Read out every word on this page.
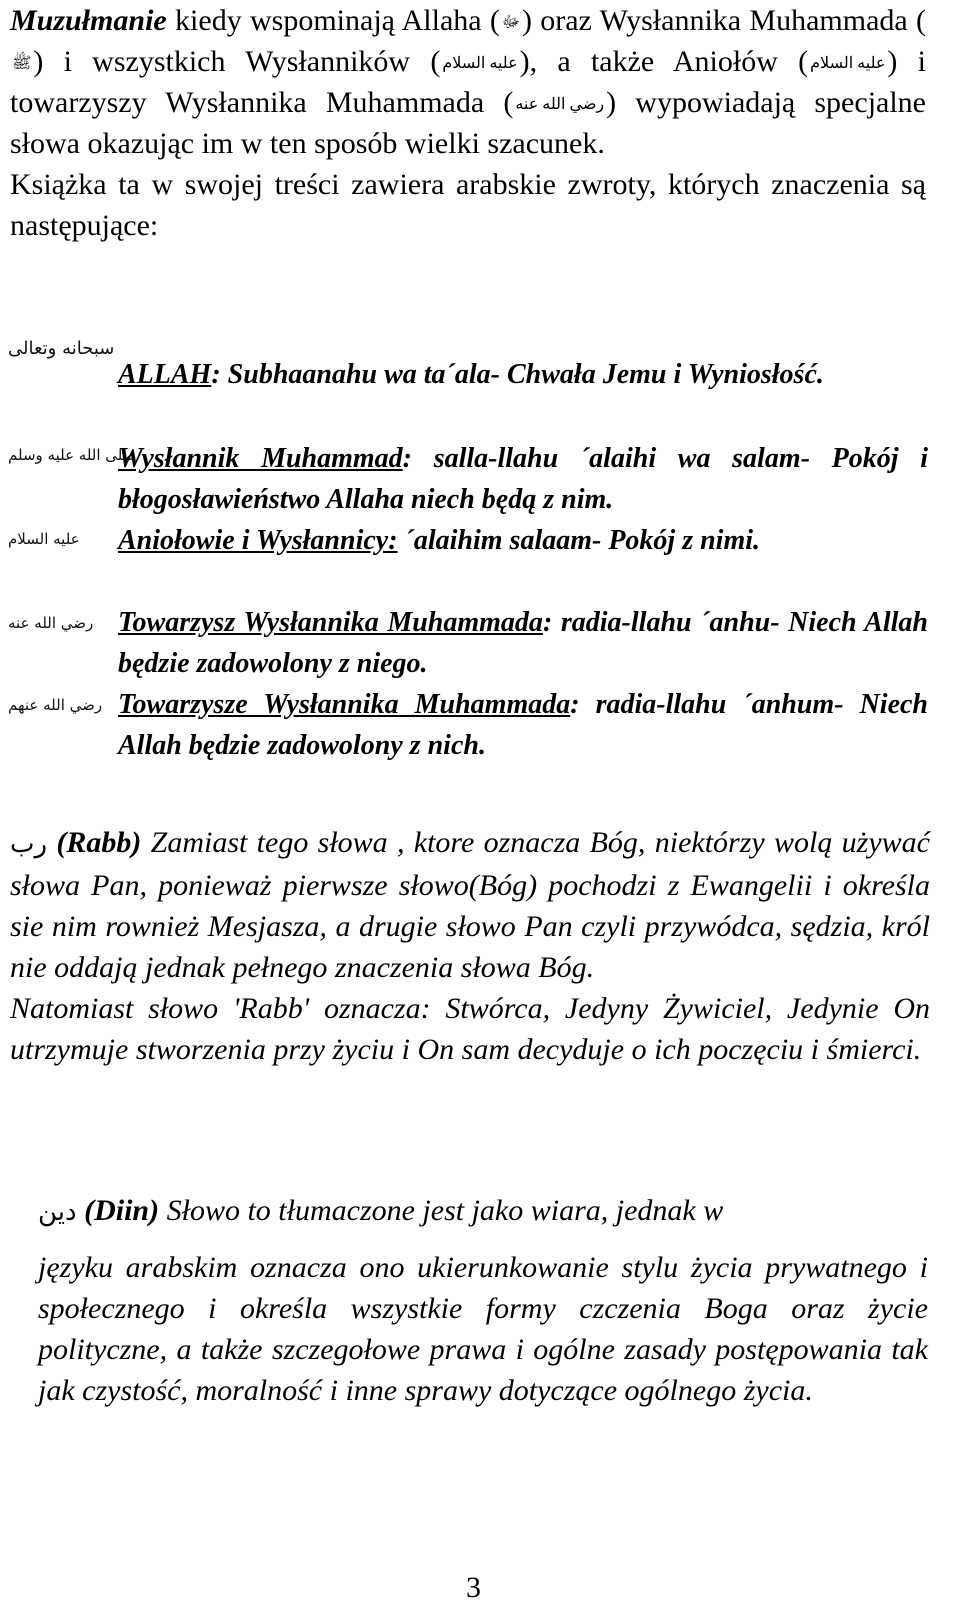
Muzułmanie kiedy wspominają Allaha ( ﷻ) oraz Wysłannika Muhammada (ﷺ) i wszystkich Wysłanników ( عليه السلام), a także Aniołów ( عليه السلام) i towarzyszy Wysłannika Muhammada ( رضي الله عنه) wypowiadają specjalne słowa okazując im w ten sposób wielki szacunek.

Książka ta w swojej treści zawiera arabskie zwroty, których znaczenia są następujące:

سبحانه وتعالى
ALLAH: Subhaanahu wa ta´ala- Chwała Jemu i Wyniosłość.
صلى الله عليه وسلم
Wysłannik Muhammad: salla-llahu ´alaihi wa salam- Pokój i błogosławieństwo Allaha niech będą z nim.
عليه السلام Aniołowie i Wysłannicy: ´alaihim salaam- Pokój z nimi.
رضي الله عنه Towarzysz Wysłannika Muhammada: radia-llahu ´anhu- Niech Allah będzie zadowolony z niego.
رضي الله عنهم Towarzysze Wysłannika Muhammada: radia-llahu ´anhum- Niech Allah będzie zadowolony z nich.

رب (Rabb) Zamiast tego słowa , ktore oznacza Bóg, niektórzy wolą używać słowa Pan, ponieważ pierwsze słowo(Bóg) pochodzi z Ewangelii i określa sie nim rownież Mesjasza, a drugie słowo Pan czyli przywódca, sędzia, król nie oddają jednak pełnego znaczenia słowa Bóg.

Natomiast słowo 'Rabb' oznacza: Stwórca, Jedyny Żywiciel, Jedynie On utrzymuje stworzenia przy życiu i On sam decyduje o ich poczęciu i śmierci.

دين (Diin) Słowo to tłumaczone jest jako wiara, jednak w

języku arabskim oznacza ono ukierunkowanie stylu życia prywatnego i społecznego i określa wszystkie formy czczenia Boga oraz życie polityczne, a także szczegołowe prawa i ogólne zasady postępowania tak jak czystość, moralność i inne sprawy dotyczące ogólnego życia.

3
